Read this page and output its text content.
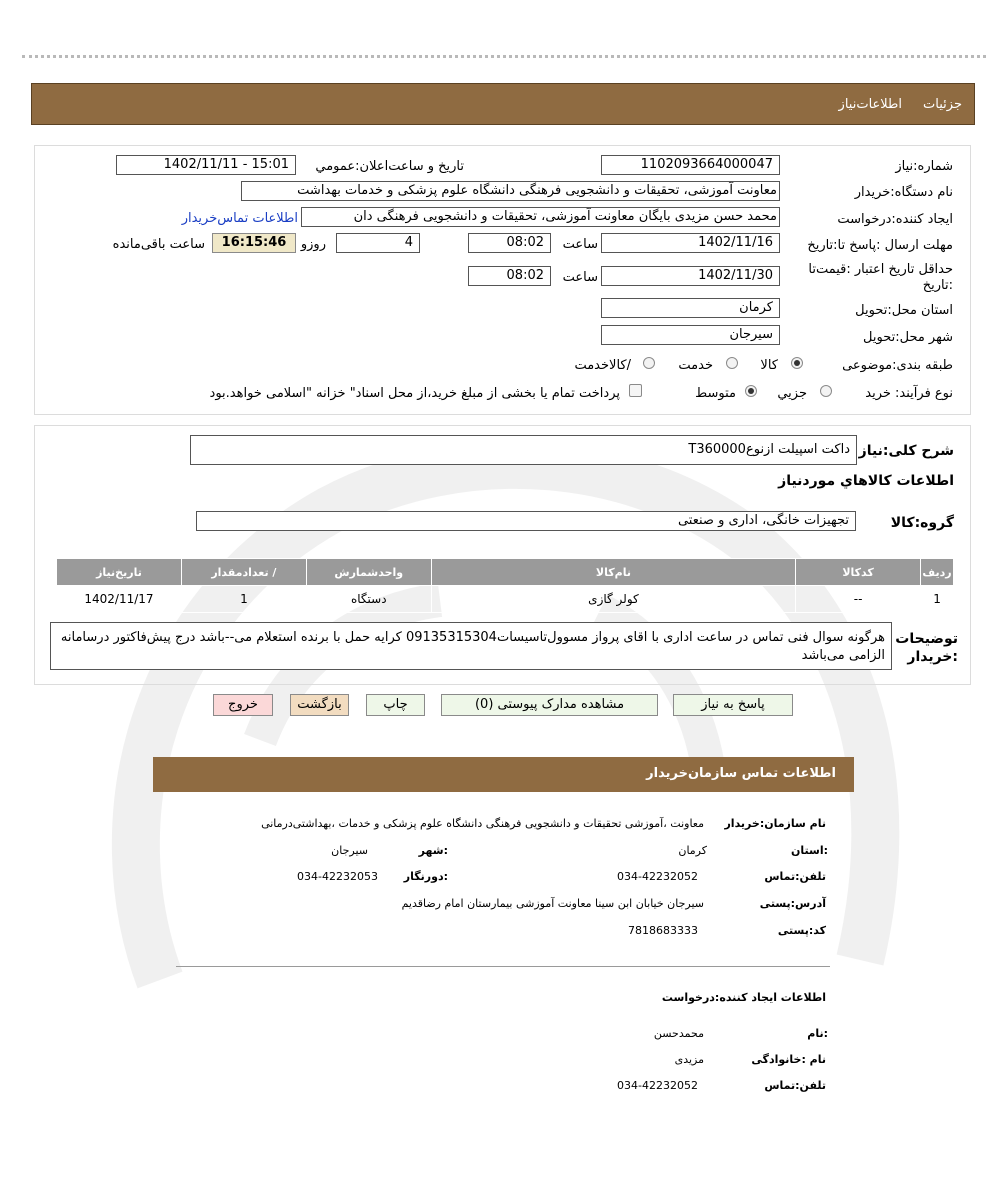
جزئیات
اطلاعات‌نیاز
شماره:نیاز
1102093664000047
تاریخ و ساعت‌اعلان:عمومي
1402/11/11 - 15:01
نام دستگاه:خریدار
معاونت آموزشی، تحقیقات و دانشجویی فرهنگی دانشگاه علوم پزشکی و خدمات بهداشت
ایجاد کننده:درخواست
محمد حسن مزیدی بایگان معاونت آموزشی، تحقیقات و دانشجویی فرهنگی دان
اطلاعات تماس‌خریدار
مهلت ارسال :پاسخ تا:تاریخ
1402/11/16
ساعت
08:02
4
روزو
16:15:46
ساعت باقی‌مانده
حداقل تاریخ اعتبار :قیمت‌تا :تاریخ
1402/11/30
ساعت
08:02
استان محل:تحویل
کرمان
شهر محل:تحویل
سیرجان
طبقه بندی:موضوعی
کالا
خدمت
/کالاخدمت
نوع فرآیند: خرید
جزیي
متوسط
پرداخت تمام یا بخشی از مبلغ خرید،از محل اسناد" خزانه "اسلامی خواهد.بود
شرح کلی:نیاز
داکت اسپیلت ازنوعT360000
اطلاعات کالاهاي موردنیاز
گروه:کالا
تجهیزات خانگی، اداری و صنعتی
ردیف	کدکالا	نام‌کالا	واحدشمارش	/ تعدادمقدار	تاریخ‌نیاز
1	--	کولر گازی	دستگاه	1	1402/11/17
توضیحات :خریدار
هرگونه سوال فنی تماس در ساعت اداری با اقای پرواز مسوول‌تاسیسات09135315304 کرایه حمل با برنده استعلام می‌--باشد درج پیش‌فاکتور درسامانه الزامی می‌باشد
پاسخ به نیاز
مشاهده مدارک پیوستی (0)
چاپ
بازگشت
خروج
اطلاعات تماس سازمان‌خریدار
نام سازمان:خریدار
معاونت ،آموزشی تحقیقات و دانشجویی فرهنگی دانشگاه علوم پزشکی و خدمات ،بهداشتی‌درمانی
:استان
کرمان
:شهر
سیرجان
تلفن:تماس
034-42232052
:دورنگار
034-42232053
آدرس:پستی
سیرجان خیابان ابن سینا معاونت آموزشی بیمارستان امام رضاقدیم
کد:پستی
7818683333
اطلاعات ایجاد کننده:درخواست
:نام
محمدحسن
نام :خانوادگی
مزیدی
تلفن:تماس
034-42232052
